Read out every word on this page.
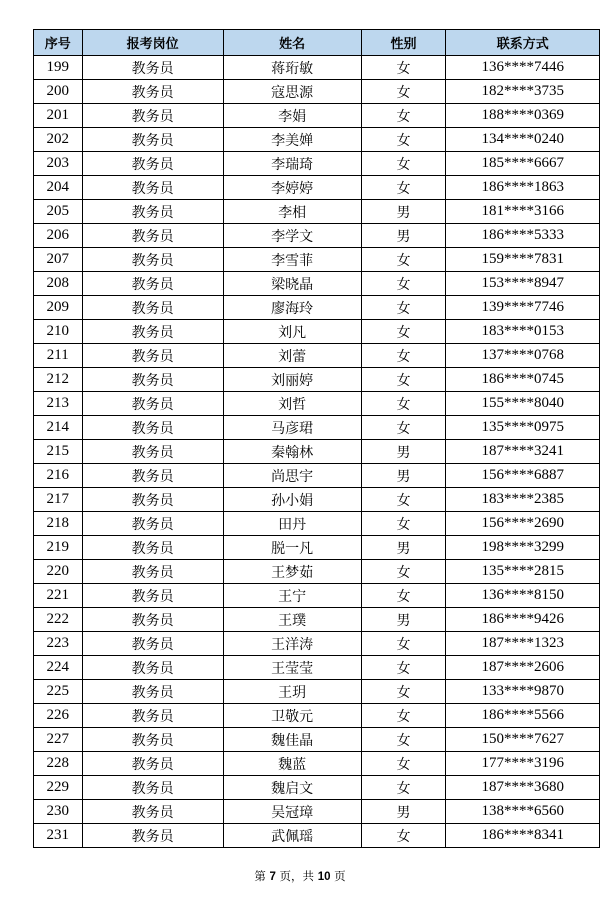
序号	报考岗位	姓名	性别	联系方式
199	教务员	蒋珩敏	女	136****7446
200	教务员	寇思源	女	182****3735
201	教务员	李娟	女	188****0369
202	教务员	李美婵	女	134****0240
203	教务员	李瑞琦	女	185****6667
204	教务员	李婷婷	女	186****1863
205	教务员	李相	男	181****3166
206	教务员	李学文	男	186****5333
207	教务员	李雪菲	女	159****7831
208	教务员	梁晓晶	女	153****8947
209	教务员	廖海玲	女	139****7746
210	教务员	刘凡	女	183****0153
211	教务员	刘蕾	女	137****0768
212	教务员	刘丽婷	女	186****0745
213	教务员	刘哲	女	155****8040
214	教务员	马彦珺	女	135****0975
215	教务员	秦翰林	男	187****3241
216	教务员	尚思宇	男	156****6887
217	教务员	孙小娟	女	183****2385
218	教务员	田丹	女	156****2690
219	教务员	脱一凡	男	198****3299
220	教务员	王梦茹	女	135****2815
221	教务员	王宁	女	136****8150
222	教务员	王璞	男	186****9426
223	教务员	王洋涛	女	187****1323
224	教务员	王莹莹	女	187****2606
225	教务员	王玥	女	133****9870
226	教务员	卫敬元	女	186****5566
227	教务员	魏佳晶	女	150****7627
228	教务员	魏蓝	女	177****3196
229	教务员	魏启文	女	187****3680
230	教务员	吴冠璋	男	138****6560
231	教务员	武佩瑶	女	186****8341
第 7 页，共 10 页
